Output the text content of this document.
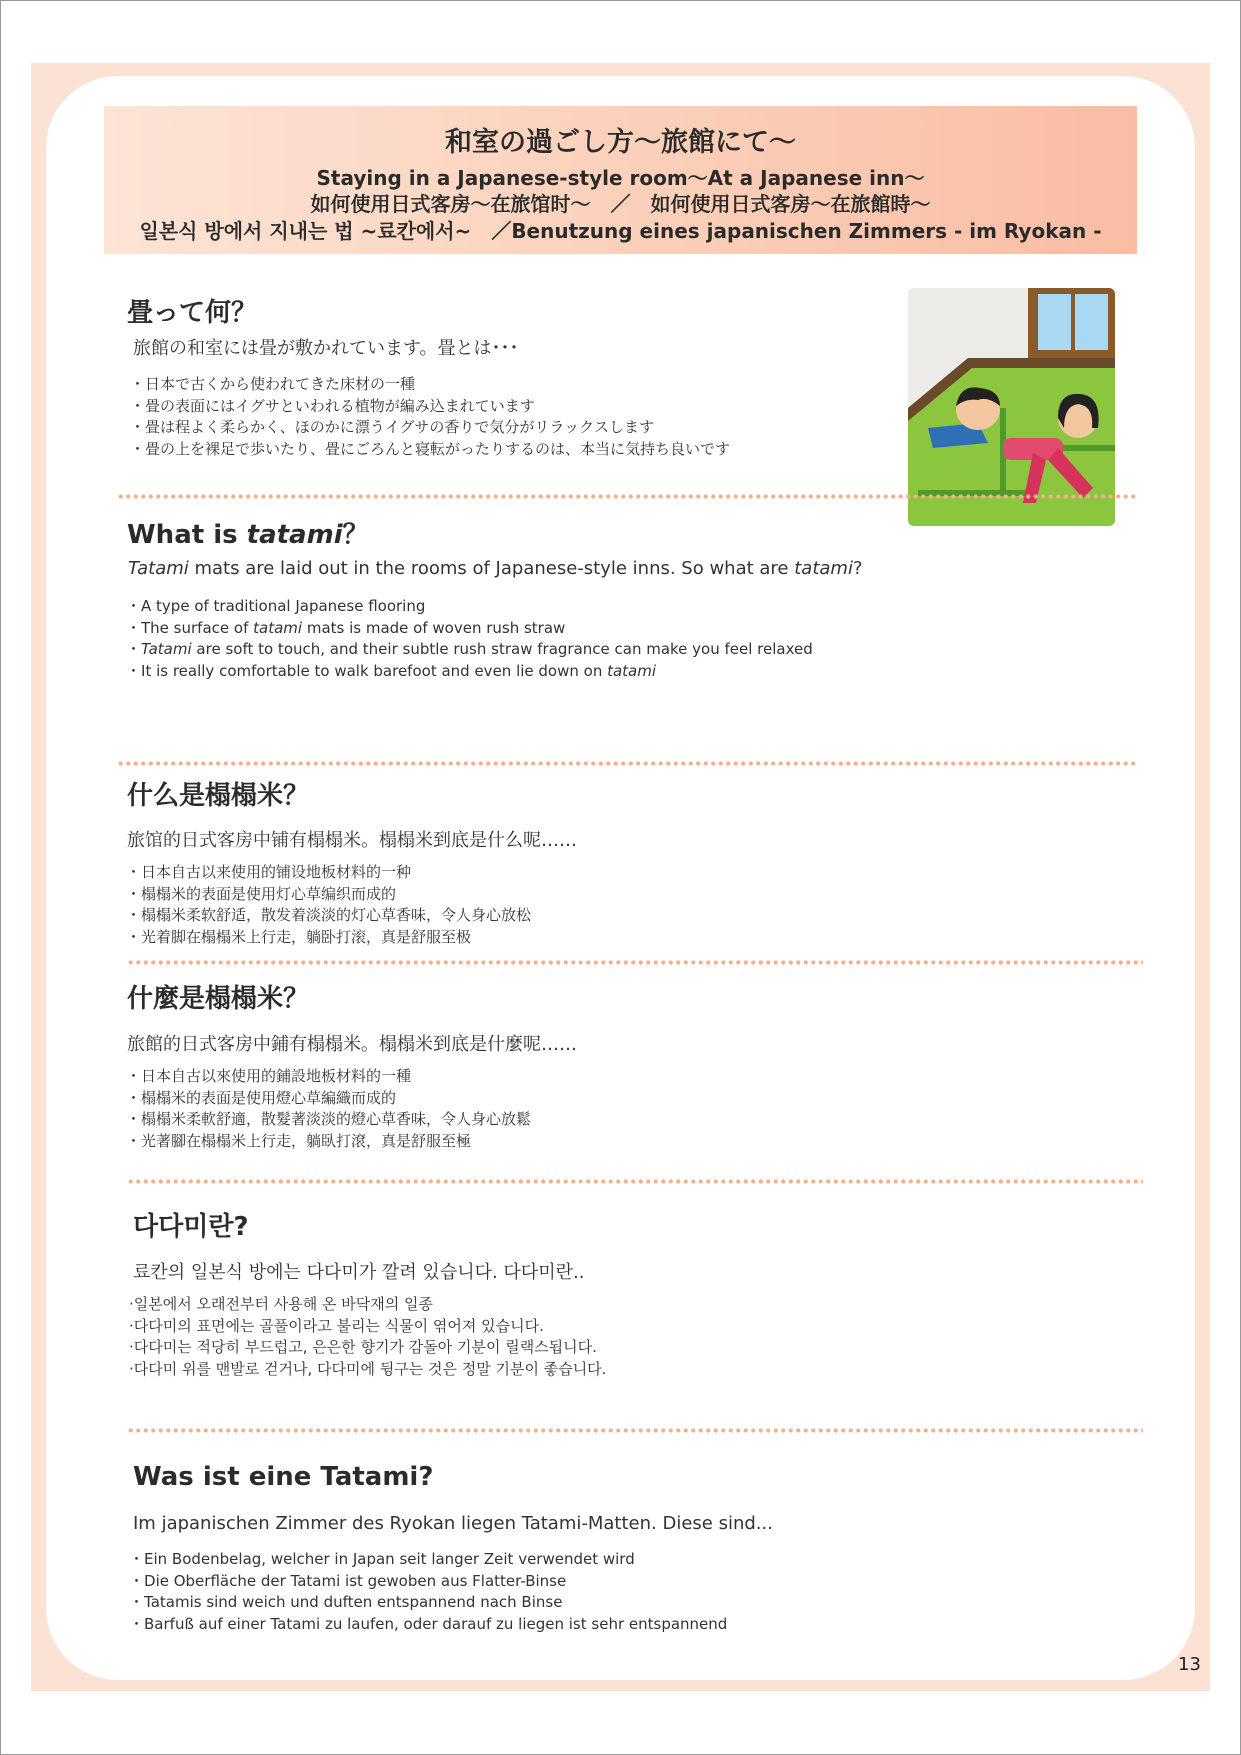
和室の過ごし方～旅館にて～
Staying in a Japanese-style room～At a Japanese inn～
如何使用日式客房～在旅馆时～　／　如何使用日式客房～在旅館時～
일본식 방에서 지내는 법 ~료칸에서~　／Benutzung eines japanischen Zimmers - im Ryokan -
畳って何？
旅館の和室には畳が敷かれています。畳とは･･･
・ 日本で古くから使われてきた床材の一種
・ 畳の表面にはイグサといわれる植物が編み込まれています
・ 畳は程よく柔らかく、ほのかに漂うイグサの香りで気分がリラックスします
・ 畳の上を裸足で歩いたり、畳にごろんと寝転がったりするのは、本当に気持ち良いです
What is tatami？
Tatami mats are laid out in the rooms of Japanese-style inns. So what are tatami?
・ A type of traditional Japanese flooring
・ The surface of tatami mats is made of woven rush straw
・ Tatami are soft to touch, and their subtle rush straw fragrance can make you feel relaxed
・ It is really comfortable to walk barefoot and even lie down on tatami
什么是榻榻米？
旅馆的日式客房中铺有榻榻米。榻榻米到底是什么呢……
・ 日本自古以来使用的铺设地板材料的一种
・ 榻榻米的表面是使用灯心草编织而成的
・ 榻榻米柔软舒适，散发着淡淡的灯心草香味，令人身心放松
・ 光着脚在榻榻米上行走，躺卧打滚，真是舒服至极
什麼是榻榻米？
旅館的日式客房中鋪有榻榻米。榻榻米到底是什麼呢……
・ 日本自古以來使用的鋪設地板材料的一種
・ 榻榻米的表面是使用燈心草編織而成的
・ 榻榻米柔軟舒適，散髮著淡淡的燈心草香味，令人身心放鬆
・ 光著腳在榻榻米上行走，躺臥打滾，真是舒服至極
다다미란?
료칸의 일본식 방에는 다다미가 깔려 있습니다. 다다미란..
· 일본에서 오래전부터 사용해 온 바닥재의 일종
· 다다미의 표면에는 골풀이라고 불리는 식물이 엮어져 있습니다.
· 다다미는 적당히 부드럽고, 은은한 향기가 감돌아 기분이 릴랙스됩니다.
· 다다미 위를 맨발로 걷거나, 다다미에 뒹구는 것은 정말 기분이 좋습니다.
Was ist eine Tatami?
Im japanischen Zimmer des Ryokan liegen Tatami-Matten. Diese sind...
・ Ein Bodenbelag, welcher in Japan seit langer Zeit verwendet wird
・ Die Oberfläche der Tatami ist gewoben aus Flatter-Binse
・ Tatamis sind weich und duften entspannend nach Binse
・ Barfuß auf einer Tatami zu laufen, oder darauf zu liegen ist sehr entspannend
13
